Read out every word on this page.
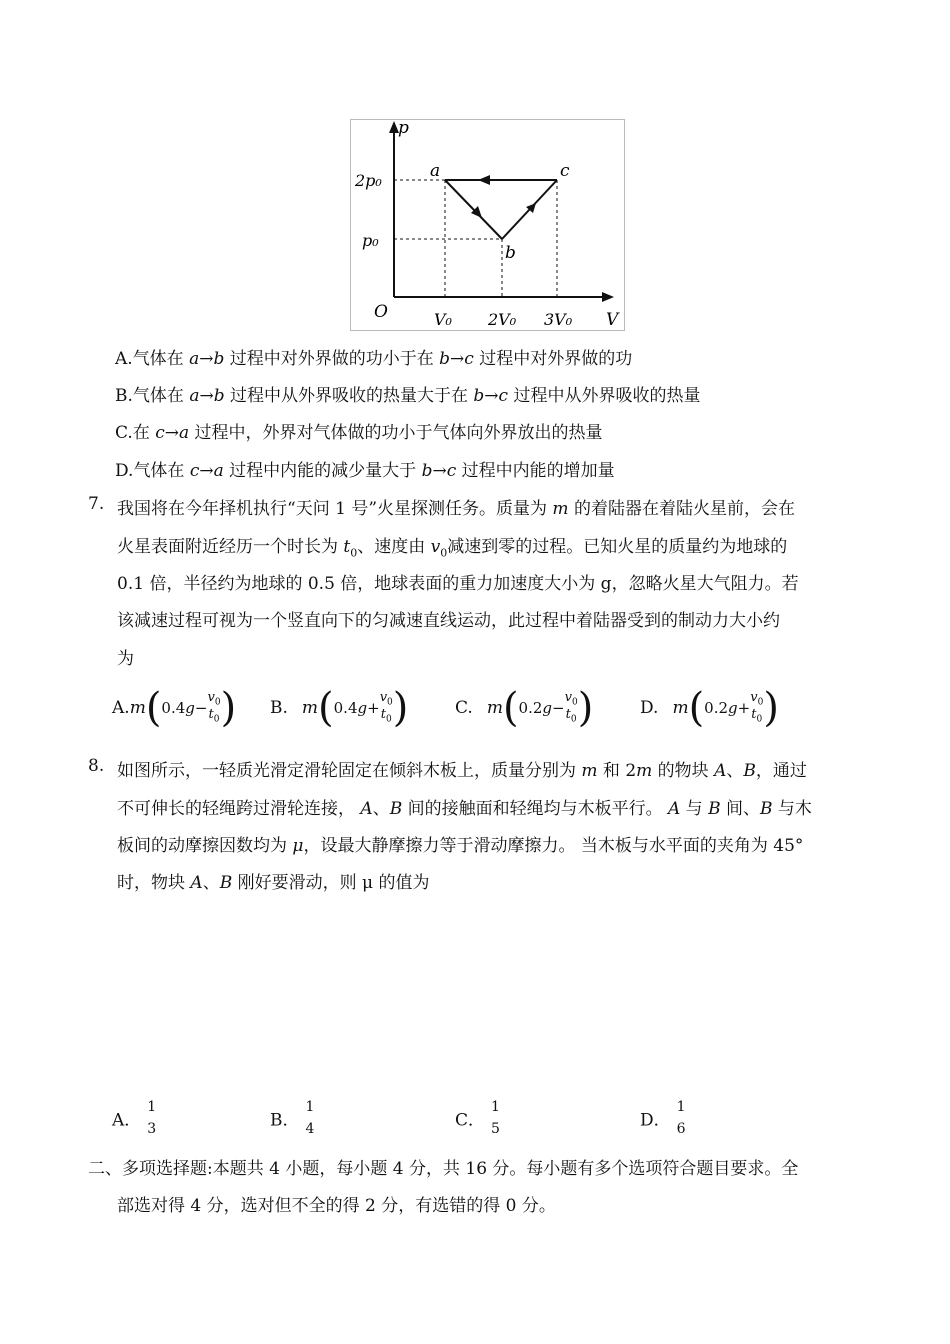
p
V
O
2p₀
p₀
V₀ 2V₀ 3V₀
a
b
c
A.气体在 a→b 过程中对外界做的功小于在 b→c 过程中对外界做的功
B.气体在 a→b 过程中从外界吸收的热量大于在 b→c 过程中从外界吸收的热量
C.在 c→a 过程中，外界对气体做的功小于气体向外界放出的热量
D.气体在 c→a 过程中内能的减少量大于 b→c 过程中内能的增加量
7. 我国将在今年择机执行“天问 1 号”火星探测任务。质量为 m 的着陆器在着陆火星前，会在
火星表面附近经历一个时长为 $t_0$、速度由 $v_0$减速到零的过程。已知火星的质量约为地球的
0.1 倍，半径约为地球的 0.5 倍，地球表面的重力加速度大小为 g，忽略火星大气阻力。若
该减速过程可视为一个竖直向下的匀减速直线运动，此过程中着陆器受到的制动力大小约
为
A.m(0.4g−
$v_0$
$t_0$ ) B. m(0.4g+
$v_0$
$t_0$ )	C. m(0.2g−
$v_0$
$t_0$ )	D. m(0.2g+
$v_0$
$t_0$ )
8. 如图所示，一轻质光滑定滑轮固定在倾斜木板上，质量分别为 m 和 2m 的物块 A、B，通过
不可伸长的轻绳跨过滑轮连接， A、B 间的接触面和轻绳均与木板平行。 A 与 B 间、B 与木
板间的动摩擦因数均为 μ，设最大静摩擦力等于滑动摩擦力。 当木板与水平面的夹角为 45°
时，物块 A、B 刚好要滑动，则 μ 的值为
A．
1
3	B．
1
4	C．
1
5	D．
1
6
二、多项选择题:本题共 4 小题，每小题 4 分，共 16 分。每小题有多个选项符合题目要求。全
部选对得 4 分，选对但不全的得 2 分，有选错的得 0 分。
